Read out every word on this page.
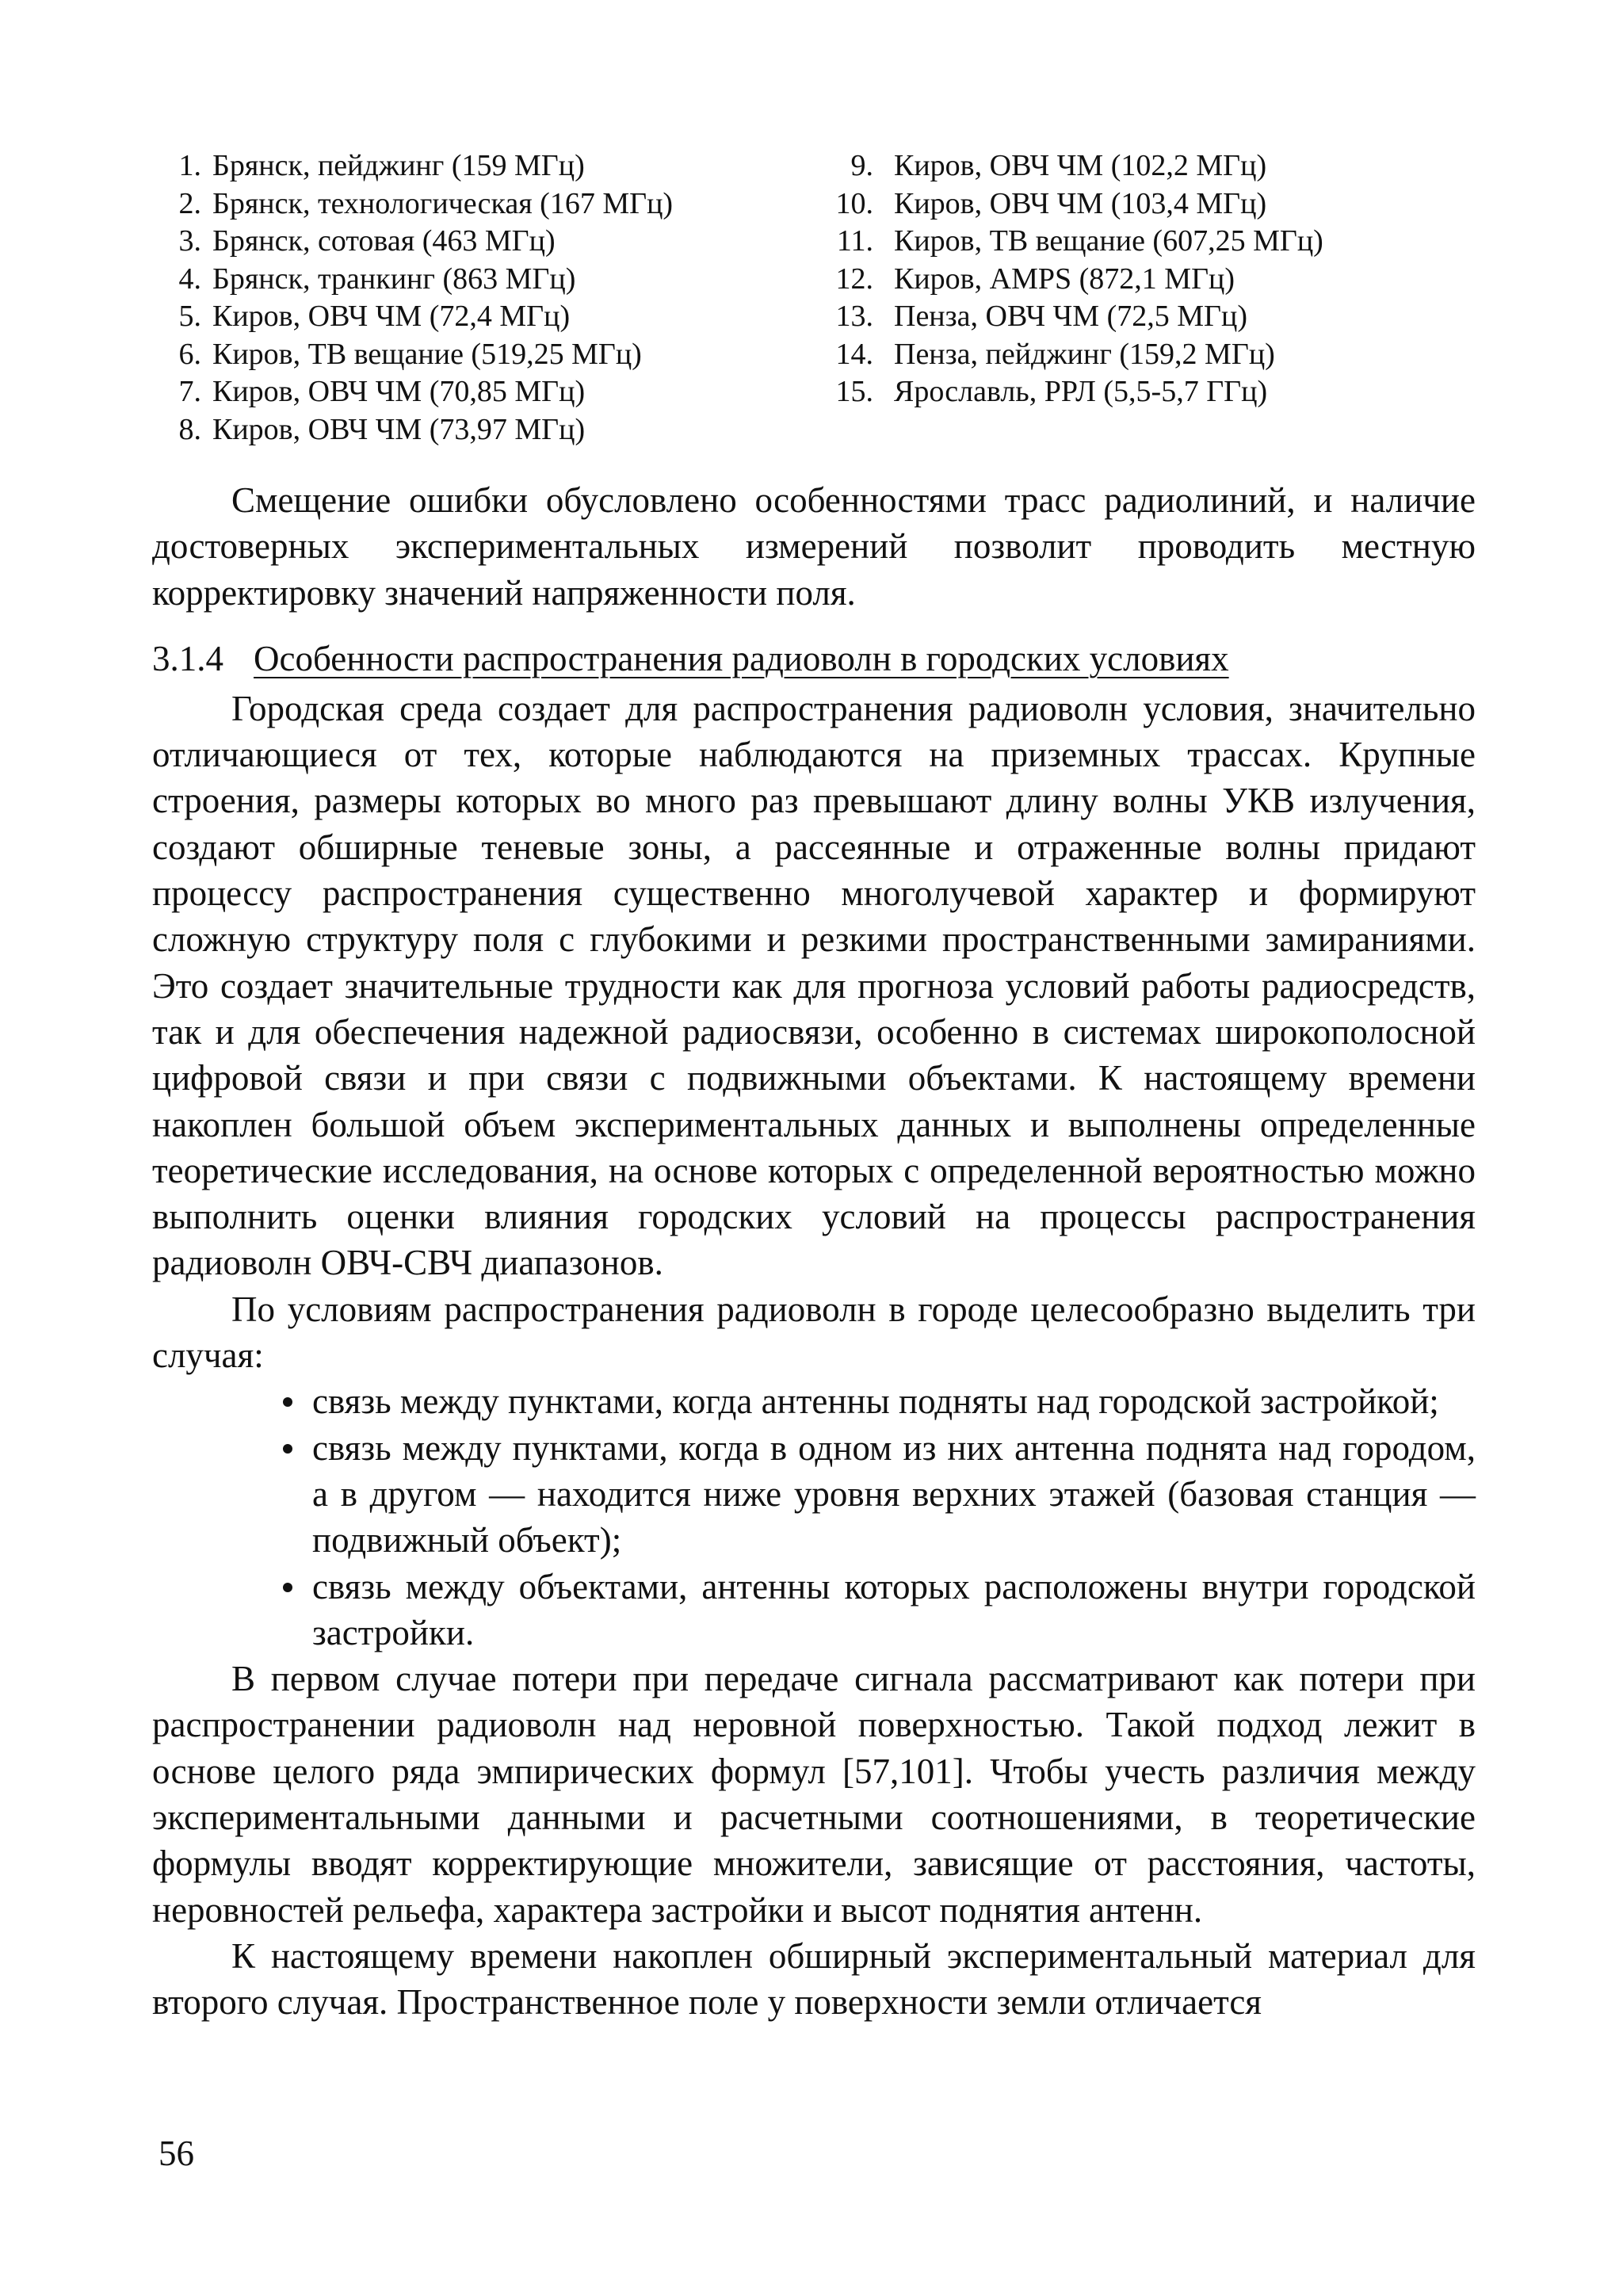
1. Брянск, пейджинг (159 МГц)
2. Брянск, технологическая (167 МГц)
3. Брянск, сотовая (463 МГц)
4. Брянск, транкинг (863 МГц)
5. Киров, ОВЧ ЧМ (72,4 МГц)
6. Киров, ТВ вещание (519,25 МГц)
7. Киров, ОВЧ ЧМ (70,85 МГц)
8. Киров, ОВЧ ЧМ (73,97 МГц)
9. Киров, ОВЧ ЧМ (102,2 МГц)
10. Киров, ОВЧ ЧМ (103,4 МГц)
11. Киров, ТВ вещание (607,25 МГц)
12. Киров, AMPS (872,1 МГц)
13. Пенза, ОВЧ ЧМ (72,5 МГц)
14. Пенза, пейджинг (159,2 МГц)
15. Ярославль, РРЛ (5,5-5,7 ГГц)

Смещение ошибки обусловлено особенностями трасс радиолиний, и наличие достоверных экспериментальных измерений позволит проводить местную корректировку значений напряженности поля.

3.1.4 Особенности распространения радиоволн в городских условиях

Городская среда создает для распространения радиоволн условия, значительно отличающиеся от тех, которые наблюдаются на приземных трассах. Крупные строения, размеры которых во много раз превышают длину волны УКВ излучения, создают обширные теневые зоны, а рассеянные и отраженные волны придают процессу распространения существенно многолучевой характер и формируют сложную структуру поля с глубокими и резкими пространственными замираниями. Это создает значительные трудности как для прогноза условий работы радиосредств, так и для обеспечения надежной радиосвязи, особенно в системах широкополосной цифровой связи и при связи с подвижными объектами. К настоящему времени накоплен большой объем экспериментальных данных и выполнены определенные теоретические исследования, на основе которых с определенной вероятностью можно выполнить оценки влияния городских условий на процессы распространения радиоволн ОВЧ-СВЧ диапазонов.

По условиям распространения радиоволн в городе целесообразно выделить три случая:

связь между пунктами, когда антенны подняты над городской застройкой;
связь между пунктами, когда в одном из них антенна поднята над городом, а в другом — находится ниже уровня верхних этажей (базовая станция — подвижный объект);
связь между объектами, антенны которых расположены внутри городской застройки.

В первом случае потери при передаче сигнала рассматривают как потери при распространении радиоволн над неровной поверхностью. Такой подход лежит в основе целого ряда эмпирических формул [57,101]. Чтобы учесть различия между экспериментальными данными и расчетными соотношениями, в теоретические формулы вводят корректирующие множители, зависящие от расстояния, частоты, неровностей рельефа, характера застройки и высот поднятия антенн.

К настоящему времени накоплен обширный экспериментальный материал для второго случая. Пространственное поле у поверхности земли отличается

56
